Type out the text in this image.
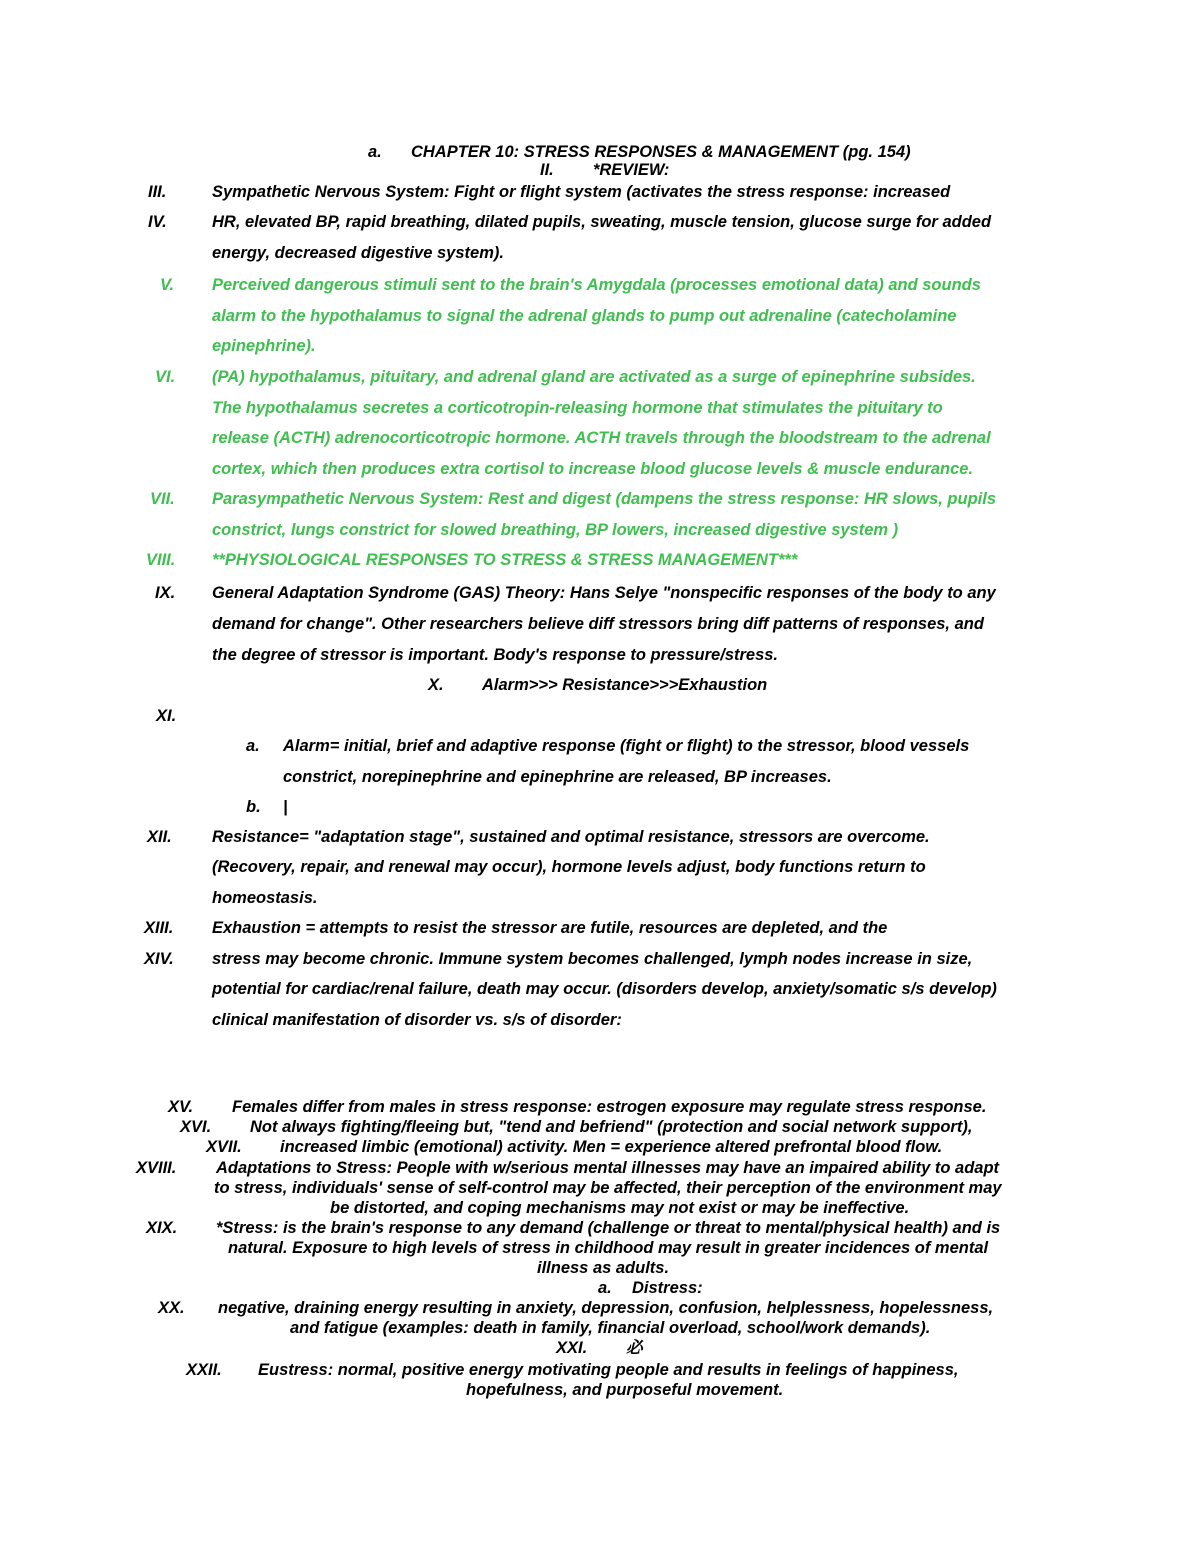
a. CHAPTER 10: STRESS RESPONSES & MANAGEMENT (pg. 154)
II. *REVIEW:
III.	Sympathetic Nervous System: Fight or flight system (activates the stress response: increased
IV.	HR, elevated BP, rapid breathing, dilated pupils, sweating, muscle tension, glucose surge for added
energy, decreased digestive system).
V. Perceived dangerous stimuli sent to the brain's Amygdala (processes emotional data) and sounds
alarm to the hypothalamus to signal the adrenal glands to pump out adrenaline (catecholamine
epinephrine).
VI. (PA) hypothalamus, pituitary, and adrenal gland are activated as a surge of epinephrine subsides.
The hypothalamus secretes a corticotropin-releasing hormone that stimulates the pituitary to
release (ACTH) adrenocorticotropic hormone. ACTH travels through the bloodstream to the adrenal
cortex, which then produces extra cortisol to increase blood glucose levels & muscle endurance.
VII. Parasympathetic Nervous System: Rest and digest (dampens the stress response: HR slows, pupils
constrict, lungs constrict for slowed breathing, BP lowers, increased digestive system )
VIII. **PHYSIOLOGICAL RESPONSES TO STRESS & STRESS MANAGEMENT***
IX. General Adaptation Syndrome (GAS) Theory: Hans Selye "nonspecific responses of the body to any
demand for change". Other researchers believe diff stressors bring diff patterns of responses, and
the degree of stressor is important. Body's response to pressure/stress.
X. Alarm>>> Resistance>>>Exhaustion
XI.
a. Alarm= initial, brief and adaptive response (fight or flight) to the stressor, blood vessels
constrict, norepinephrine and epinephrine are released, BP increases.
b. |
XII. Resistance= "adaptation stage", sustained and optimal resistance, stressors are overcome.
(Recovery, repair, and renewal may occur), hormone levels adjust, body functions return to
homeostasis.
XIII. Exhaustion = attempts to resist the stressor are futile, resources are depleted, and the
XIV. stress may become chronic. Immune system becomes challenged, lymph nodes increase in size,
potential for cardiac/renal failure, death may occur. (disorders develop, anxiety/somatic s/s develop)
clinical manifestation of disorder vs. s/s of disorder:
XV. Females differ from males in stress response: estrogen exposure may regulate stress response.
XVI. Not always fighting/fleeing but, "tend and befriend" (protection and social network support),
XVII. increased limbic (emotional) activity. Men = experience altered prefrontal blood flow.
XVIII. Adaptations to Stress: People with w/serious mental illnesses may have an impaired ability to adapt
to stress, individuals' sense of self-control may be affected, their perception of the environment may
be distorted, and coping mechanisms may not exist or may be ineffective.
XIX. *Stress: is the brain's response to any demand (challenge or threat to mental/physical health) and is
natural. Exposure to high levels of stress in childhood may result in greater incidences of mental
illness as adults.
a. Distress:
XX. negative, draining energy resulting in anxiety, depression, confusion, helplessness, hopelessness,
and fatigue (examples: death in family, financial overload, school/work demands).
XXI. 必
XXII. Eustress: normal, positive energy motivating people and results in feelings of happiness,
hopefulness, and purposeful movement.
